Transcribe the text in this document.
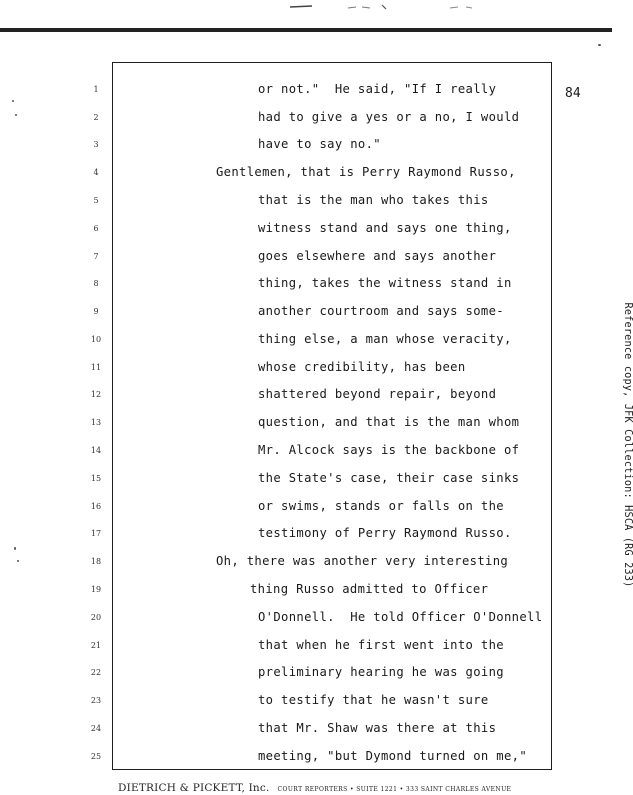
84
1	or not."  He said, "If I really
2	had to give a yes or a no, I would
3	have to say no."
4	Gentlemen, that is Perry Raymond Russo,
5	that is the man who takes this
6	witness stand and says one thing,
7	goes elsewhere and says another
8	thing, takes the witness stand in
9	another courtroom and says some-
10	thing else, a man whose veracity,
11	whose credibility, has been
12	shattered beyond repair, beyond
13	question, and that is the man whom
14	Mr. Alcock says is the backbone of
15	the State's case, their case sinks
16	or swims, stands or falls on the
17	testimony of Perry Raymond Russo.
18	Oh, there was another very interesting
19	thing Russo admitted to Officer
20	O'Donnell.  He told Officer O'Donnell
21	that when he first went into the
22	preliminary hearing he was going
23	to testify that he wasn't sure
24	that Mr. Shaw was there at this
25	meeting, "but Dymond turned on me,"
Reference copy, JFK Collection: HSCA (RG 233)
DIETRICH & PICKETT, Inc. COURT REPORTERS • SUITE 1221 • 333 SAINT CHARLES AVENUE
